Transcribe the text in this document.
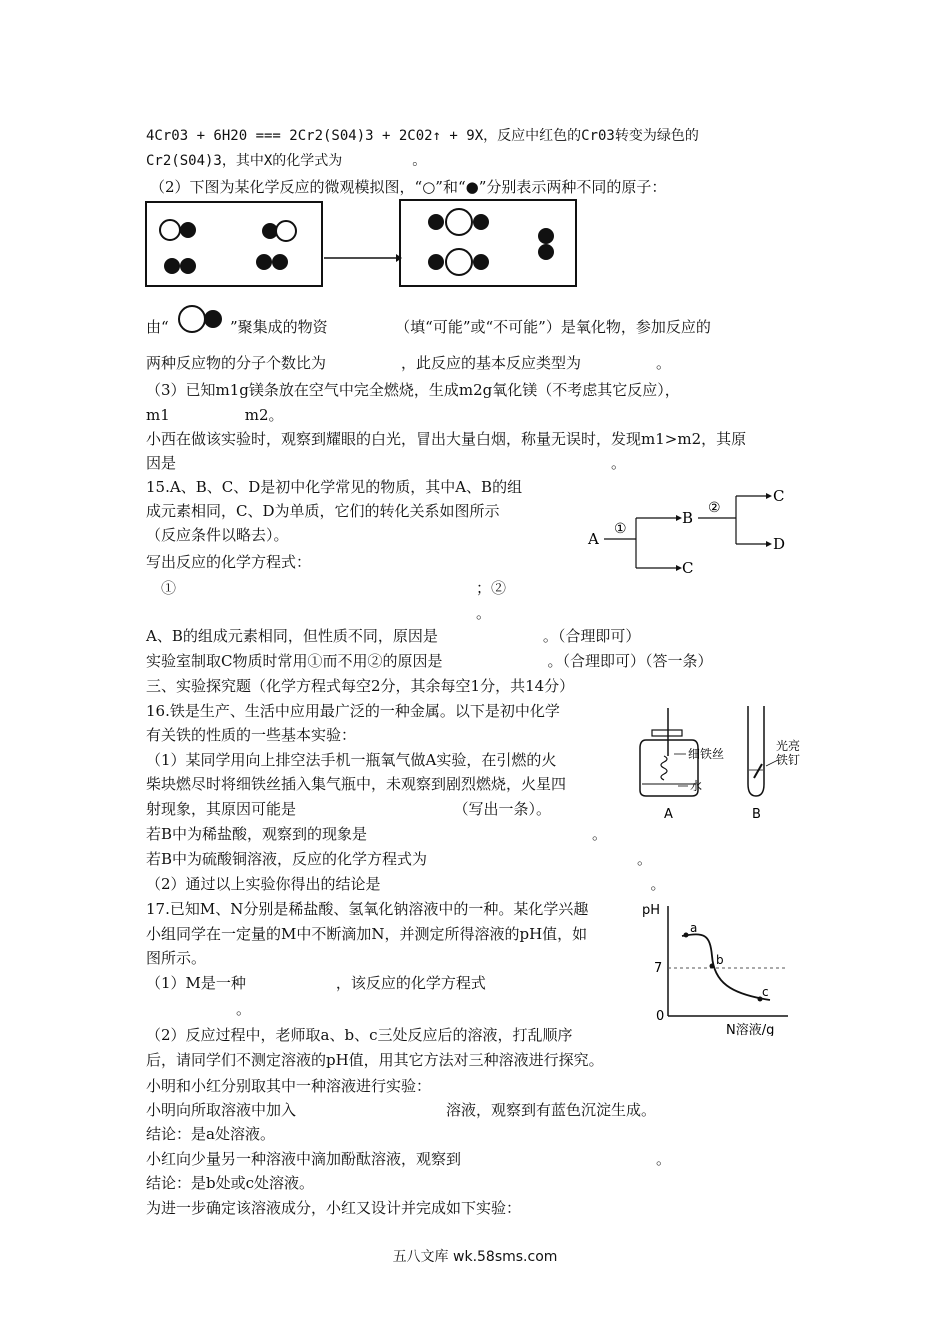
4Cr03 + 6H20 === 2Cr2(S04)3 + 2C02↑ + 9X，反应中红色的Cr03转变为绿色的
Cr2(S04)3，其中X的化学式为　　　　　。
（2）下图为某化学反应的微观模拟图，“○”和“●”分别表示两种不同的原子：
由“	”聚集成的物资　　　　　（填“可能”或“不可能”）是氧化物，参加反应的
两种反应物的分子个数比为　　　　　，此反应的基本反应类型为　　　　　。
（3）已知m1g镁条放在空气中完全燃烧，生成m2g氧化镁（不考虑其它反应），
m1　　　　　m2。
小西在做该实验时，观察到耀眼的白光，冒出大量白烟，称量无误时，发现m1>m2，其原
因是　　　　　　　　　　　　　　　　　　　　　　　　　　　　　。
15.A、B、C、D是初中化学常见的物质，其中A、B的组
成元素相同，C、D为单质，它们的转化关系如图所示
（反应条件以略去）。
写出反应的化学方程式：
　①　　　　　　　　　　　　　　　　　　　　；②
　　　　　　　　　　　　　　　　　　　　　　。
A
①
B
C
②
C
D
A、B的组成元素相同，但性质不同，原因是　　　　　　　。（合理即可）
实验室制取C物质时常用①而不用②的原因是　　　　　　　。（合理即可）（答一条）
三、实验探究题（化学方程式每空2分，其余每空1分，共14分）
16.铁是生产、生活中应用最广泛的一种金属。以下是初中化学
有关铁的性质的一些基本实验：
（1）某同学用向上排空法手机一瓶氧气做A实验，在引燃的火
柴块燃尽时将细铁丝插入集气瓶中，未观察到剧烈燃烧，火星四
射现象，其原因可能是　　　　　　　　　　　（写出一条）。
若B中为稀盐酸，观察到的现象是　　　　　　　　　　　　　　　。
若B中为硫酸铜溶液，反应的化学方程式为　　　　　　　　　　　　　　。
（2）通过以上实验你得出的结论是　　　　　　　　　　　　　　　　　　。
细铁丝
水
A
光亮
铁钉
B
17.已知M、N分别是稀盐酸、氢氧化钠溶液中的一种。某化学兴趣
小组同学在一定量的M中不断滴加N，并测定所得溶液的pH值，如
图所示。
（1）M是一种　　　　　　，该反应的化学方程式
　　　　　　。
（2）反应过程中，老师取a、b、c三处反应后的溶液，打乱顺序
后，请同学们不测定溶液的pH值，用其它方法对三种溶液进行探究。
小明和小红分别取其中一种溶液进行实验：
小明向所取溶液中加入　　　　　　　　　　溶液，观察到有蓝色沉淀生成。
结论：是a处溶液。
小红向少量另一种溶液中滴加酚酞溶液，观察到　　　　　　　　　　　　　。
结论：是b处或c处溶液。
为进一步确定该溶液成分，小红又设计并完成如下实验：
pH
7
0
a
b
c
N溶液/g
五八文库 wk.58sms.com
